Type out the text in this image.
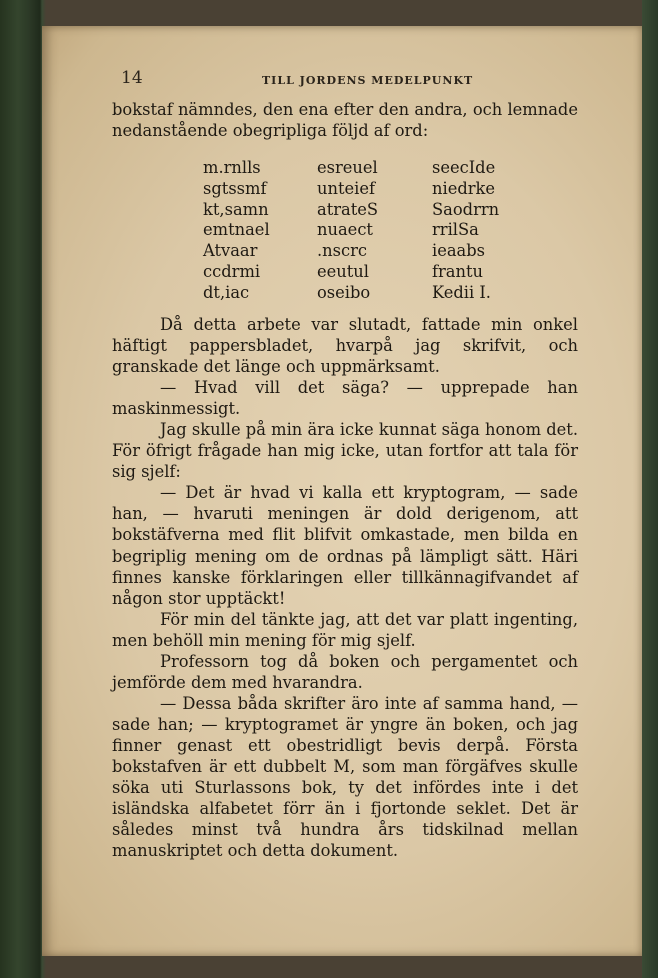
14	TILL JORDENS MEDELPUNKT

bokstaf nämndes, den ena efter den andra, och lemnade nedanstående obegripliga följd af ord:

m.rnlls
sgtssmf
kt,samn
emtnael
Atvaar
ccdrmi
dt,iac
esreuel
unteief
atrateS
nuaect
.nscrc
eeutul
oseibo
seecIde
niedrke
Saodrrn
rrilSa
ieaabs
frantu
Kedii I.

Då detta arbete var slutadt, fattade min onkel häftigt pappersbladet, hvarpå jag skrifvit, och granskade det länge och uppmärksamt.

— Hvad vill det säga? — upprepade han maskinmessigt.

Jag skulle på min ära icke kunnat säga honom det. För öfrigt frågade han mig icke, utan fortfor att tala för sig sjelf:

— Det är hvad vi kalla ett kryptogram, — sade han, — hvaruti meningen är dold derigenom, att bokstäfverna med flit blifvit omkastade, men bilda en begriplig mening om de ordnas på lämpligt sätt. Häri finnes kanske förklaringen eller tillkännagifvandet af någon stor upptäckt!

För min del tänkte jag, att det var platt ingenting, men behöll min mening för mig sjelf.

Professorn tog då boken och pergamentet och jemförde dem med hvarandra.

— Dessa båda skrifter äro inte af samma hand, — sade han; — kryptogramet är yngre än boken, och jag finner genast ett obestridligt bevis derpå. Första bokstafven är ett dubbelt M, som man förgäfves skulle söka uti Sturlassons bok, ty det infördes inte i det isländska alfabetet förr än i fjortonde seklet. Det är således minst två hundra års tidskilnad mellan manuskriptet och detta dokument.
